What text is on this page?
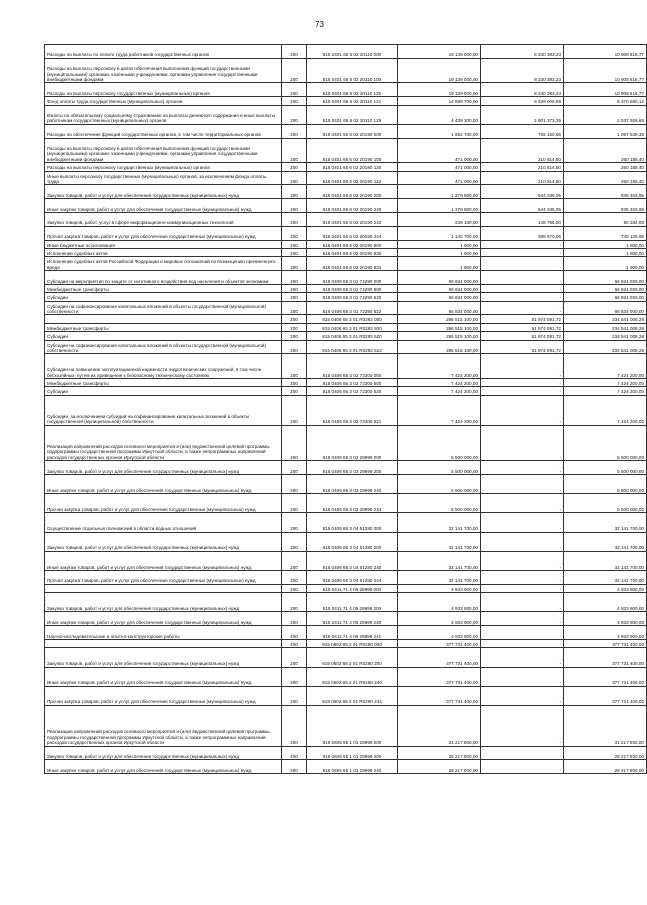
73
Расходы на выплаты по оплате труда работников государственных органов	200	815 0401 65 6 02 20110 000	19 139 000,00	8 230 383,23	10 908 616,77
Расходы на выплаты персоналу в целях обеспечения выполнения функций государственными (муниципальными) органами, казенными учреждениями, органами управления государственными внебюджетными фондами	200	815 0401 65 6 02 20110 100	19 139 000,00	8 230 383,23	10 908 616,77
Расходы на выплаты персоналу государственных (муниципальных) органов	200	815 0401 65 6 02 20110 120	19 139 000,00	8 230 383,23	10 908 616,77
Фонд оплаты труда государственных (муниципальных) органов	200	815 0401 65 6 02 20110 121	14 699 700,00	6 329 009,88	8 370 690,12
Взносы по обязательному социальному страхованию на выплаты денежного содержания и иные выплаты работникам государственных (муниципальных) органов	200	815 0401 65 6 02 20110 129	4 439 300,00	1 901 373,35	2 537 926,65
Расходы на обеспечение функций государственных органов, в том числе территориальных органов	200	815 0401 65 6 02 20190 000	1 852 700,00	755 150,65	1 097 549,35
Расходы на выплаты персоналу в целях обеспечения выполнения функций государственными (муниципальными) органами, казенными учреждениями, органами управления государственными внебюджетными фондами	200	815 0401 65 6 02 20190 100	471 000,00	210 814,60	260 185,40
Расходы на выплаты персоналу государственных (муниципальных) органов	200	815 0401 65 6 02 20190 120	471 000,00	210 814,60	260 185,40
Иные выплаты персоналу государственных (муниципальных) органов, за исключением фонда оплаты труда	200	815 0401 65 6 02 20190 122	471 000,00	210 814,60	260 185,40
Закупка товаров, работ и услуг для обеспечения государственных (муниципальных) нужд	200	815 0401 65 6 02 20190 200	1 379 800,00	544 336,05	835 463,95
Иные закупки товаров, работ и услуг для обеспечения государственных (муниципальных) нужд	200	815 0401 65 6 02 20190 240	1 379 800,00	544 336,05	835 463,95
Закупка товаров, работ, услуг в сфере информационно-коммуникационных технологий	200	815 0401 65 6 02 20190 242	239 100,00	148 766,00	90 334,00
Прочая закупка товаров, работ и услуг для обеспечения государственных (муниципальных) нужд	200	815 0401 65 6 02 20190 244	1 140 700,00	395 570,05	745 129,95
Иные бюджетные ассигнования	200	815 0401 65 6 02 20190 800	1 900,00	-	1 900,00
Исполнение судебных актов	200	815 0401 65 6 02 20190 830	1 900,00	-	1 900,00
Исполнение судебных актов Российской Федерации и мировых соглашений по возмещению причиненного вреда	200	815 0401 65 6 02 20190 831	1 900,00	-	1 900,00
Субсидии на мероприятия по защите от негативного воздействия вод населения и объектов экономики	200	815 0406 65 3 01 72290 000	66 834 000,00	-	66 834 000,00
Межбюджетные трансферты	200	815 0406 65 3 01 72290 500	66 834 000,00	-	66 834 000,00
Субсидии	200	815 0406 65 3 01 72290 520	66 834 000,00	-	66 834 000,00
Субсидии на софинансирование капитальных вложений в объекты государственной (муниципальной) собственности	200	815 0406 65 3 01 72290 522	66 834 000,00	-	66 834 000,00
	200	815 0406 65 3 01 R0292 000	286 515 100,00	51 974 091,72	234 541 008,28
Межбюджетные трансферты	200	815 0406 65 3 01 R0292 500	286 515 100,00	51 974 091,72	234 541 008,28
Субсидии	200	815 0406 65 3 01 R0292 520	286 515 100,00	51 974 091,72	234 541 008,28
Субсидии на софинансирование капитальных вложений в объекты государственной (муниципальной) собственности	200	815 0406 65 3 01 R0292 522	286 515 100,00	51 974 091,72	234 541 008,28
Субсидии на повышение эксплуатационной надежности гидротехнических сооружений, в том числе бесхозяйных, путем их приведения к безопасному техническому состоянию	200	815 0406 65 3 02 72300 000	7 424 200,00	-	7 424 200,00
Межбюджетные трансферты	200	815 0406 65 3 02 72300 500	7 424 200,00	-	7 424 200,00
Субсидии	200	815 0406 65 3 02 72300 520	7 424 200,00	-	7 424 200,00
Субсидии, за исключением субсидий на софинансирование капитальных вложений в объекты государственной (муниципальной) собственности	200	815 0406 65 3 02 72300 521	7 424 200,00	-	7 424 200,00
Реализация направлений расходов основного мероприятия и (или) ведомственной целевой программы, подпрограммы государственной программы Иркутской области, а также непрограммных направлений расходов государственных органов Иркутской области	200	815 0406 65 3 03 29999 000	5 500 000,00	-	5 500 000,00
Закупка товаров, работ и услуг для обеспечения государственных (муниципальных) нужд	200	815 0406 65 3 03 29999 200	5 500 000,00	-	5 500 000,00
Иные закупки товаров, работ и услуг для обеспечения государственных (муниципальных) нужд	200	815 0406 65 3 03 29999 240	5 500 000,00	-	5 500 000,00
Прочая закупка товаров, работ и услуг для обеспечения государственных (муниципальных) нужд	200	815 0406 65 3 03 29999 244	5 500 000,00	-	5 500 000,00
Осуществление отдельных полномочий в области водных отношений	200	815 0406 65 3 04 51280 000	32 141 700,00	-	32 141 700,00
Закупка товаров, работ и услуг для обеспечения государственных (муниципальных) нужд	200	815 0406 65 3 04 51280 200	32 141 700,00	-	32 141 700,00
Иные закупки товаров, работ и услуг для обеспечения государственных (муниципальных) нужд	200	815 0406 65 3 04 51280 240	32 141 700,00	-	32 141 700,00
Прочая закупка товаров, работ и услуг для обеспечения государственных (муниципальных) нужд	200	815 0406 65 3 04 51280 244	32 141 700,00	-	32 141 700,00
	200	815 0411 71 4 06 29999 000	4 933 900,00	-	4 933 900,00
Закупка товаров, работ и услуг для обеспечения государственных (муниципальных) нужд	200	815 0411 71 4 06 29999 200	4 933 900,00	-	4 933 900,00
Иные закупки товаров, работ и услуг для обеспечения государственных (муниципальных) нужд	200	815 0411 71 4 06 29999 240	4 933 900,00	-	4 933 900,00
Научно-исследовательские и опытно-конструкторские работы	200	815 0411 71 4 06 29999 241	4 933 900,00	-	4 933 900,00
	200	815 0602 65 2 01 R0290 000	377 731 400,00	-	377 731 400,00
Закупка товаров, работ и услуг для обеспечения государственных (муниципальных) нужд	200	815 0602 65 2 01 R0290 200	377 731 400,00	-	377 731 400,00
Иные закупки товаров, работ и услуг для обеспечения государственных (муниципальных) нужд	200	815 0602 65 2 01 R0290 240	377 731 400,00	-	377 731 400,00
Прочая закупка товаров, работ и услуг для обеспечения государственных (муниципальных) нужд	200	815 0602 65 2 01 R0290 244	377 731 400,00	-	377 731 400,00
Реализация направлений расходов основного мероприятия и (или) ведомственной целевой программы, подпрограммы государственной программы Иркутской области, а также непрограммных направлений расходов государственных органов Иркутской области	200	815 0605 65 1 01 29999 000	31 217 600,00	-	31 217 600,00
Закупка товаров, работ и услуг для обеспечения государственных (муниципальных) нужд	200	815 0605 65 1 01 29999 200	28 217 600,00	-	28 217 600,00
Иные закупки товаров, работ и услуг для обеспечения государственных (муниципальных) нужд	200	815 0605 65 1 01 29999 240	28 217 600,00	-	28 217 600,00
